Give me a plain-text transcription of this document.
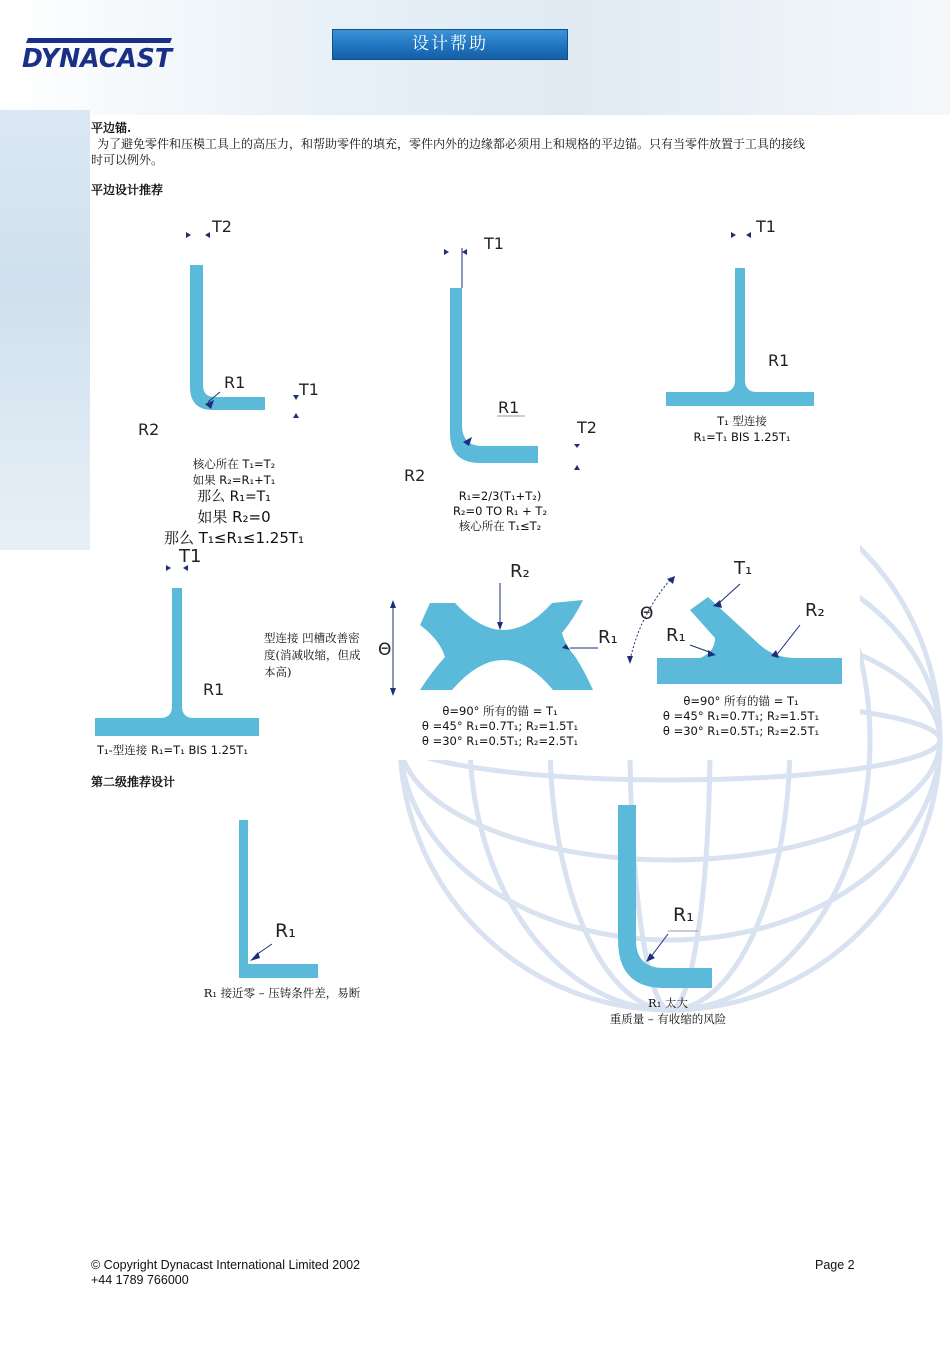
DYNACAST	设计帮助
平边锚.
为了避免零件和压模工具上的高压力，和帮助零件的填充，零件内外的边缘都必须用上和规格的平边锚。只有当零件放置于工具的接线
时可以例外。
平边设计推荐
T2
R1	T1
R2
核心所在 T₁=T₂
如果 R₂=R₁+T₁
那么 R₁=T₁
如果 R₂=0
那么 T₁≤R₁≤1.25T₁
T1
R1
T2
R2
R₁=2/3(T₁+T₂)
R₂=0 TO R₁ + T₂
核心所在 T₁≤T₂
T1
R1
T₁ 型连接
R₁=T₁ BIS 1.25T₁
T1
R1
T₁-型连接 R₁=T₁ BIS 1.25T₁
型连接 凹槽改善密
度(消减收缩，但成
本高)
Θ
R₂
R₁
θ=90° 所有的锚 = T₁
θ =45° R₁=0.7T₁; R₂=1.5T₁
θ =30° R₁=0.5T₁; R₂=2.5T₁
Θ
T₁
R₁
R₂
θ=90° 所有的锚 = T₁
θ =45° R₁=0.7T₁; R₂=1.5T₁
θ =30° R₁=0.5T₁; R₂=2.5T₁
第二级推荐设计
R₁
R₁ 接近零 – 压铸条件差，易断
R₁
R₁ 太大
重质量 – 有收缩的风险
© Copyright Dynacast International Limited 2002
+44 1789 766000
Page 2
